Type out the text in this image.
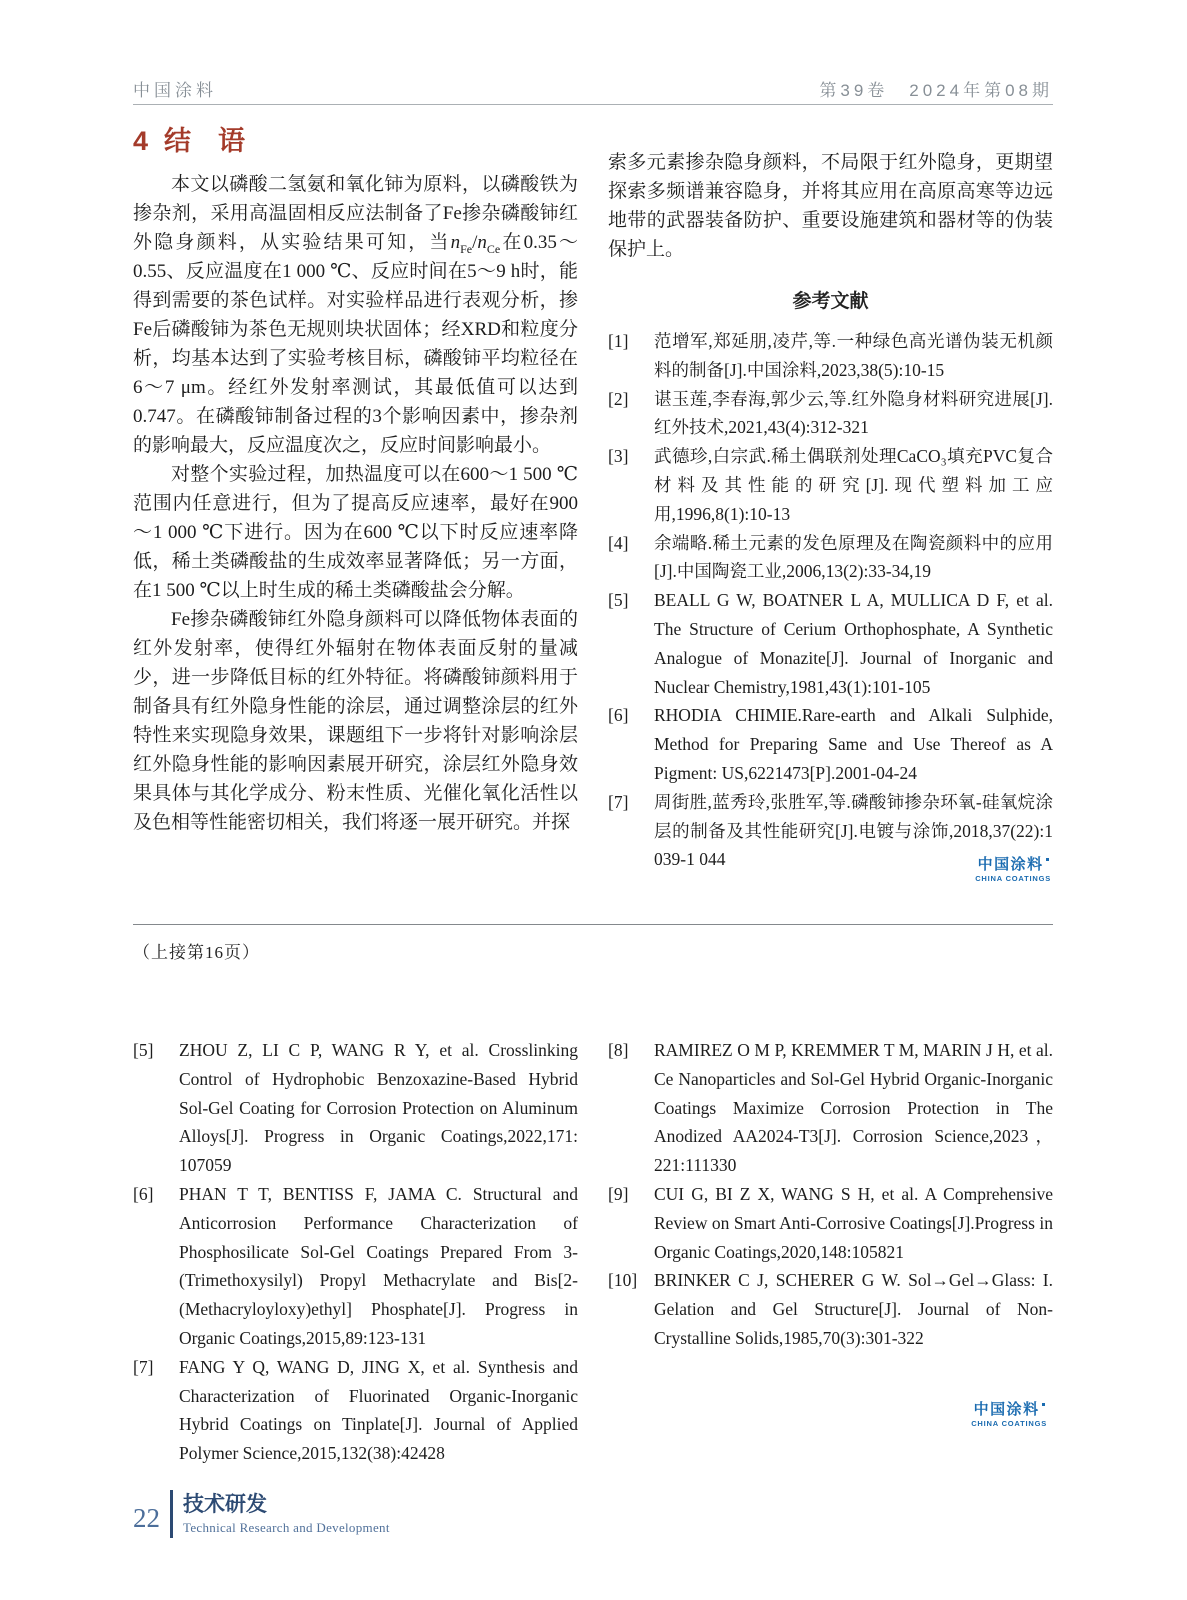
中国涂料	第39卷　2024年第08期
4 结　语

本文以磷酸二氢氨和氧化铈为原料，以磷酸铁为掺杂剂，采用高温固相反应法制备了Fe掺杂磷酸铈红外隐身颜料，从实验结果可知，当$n_{Fe}/n_{Ce}$在0.35～0.55、反应温度在1 000 ℃、反应时间在5～9 h时，能得到需要的茶色试样。对实验样品进行表观分析，掺Fe后磷酸铈为茶色无规则块状固体；经XRD和粒度分析，均基本达到了实验考核目标，磷酸铈平均粒径在6～7 μm。经红外发射率测试，其最低值可以达到0.747。在磷酸铈制备过程的3个影响因素中，掺杂剂的影响最大，反应温度次之，反应时间影响最小。

对整个实验过程，加热温度可以在600～1 500 ℃范围内任意进行，但为了提高反应速率，最好在900～1 000 ℃下进行。因为在600 ℃以下时反应速率降低，稀土类磷酸盐的生成效率显著降低；另一方面，在1 500 ℃以上时生成的稀土类磷酸盐会分解。

Fe掺杂磷酸铈红外隐身颜料可以降低物体表面的红外发射率，使得红外辐射在物体表面反射的量减少，进一步降低目标的红外特征。将磷酸铈颜料用于制备具有红外隐身性能的涂层，通过调整涂层的红外特性来实现隐身效果，课题组下一步将针对影响涂层红外隐身性能的影响因素展开研究，涂层红外隐身效果具体与其化学成分、粉末性质、光催化氧化活性以及色相等性能密切相关，我们将逐一展开研究。并探

索多元素掺杂隐身颜料，不局限于红外隐身，更期望探索多频谱兼容隐身，并将其应用在高原高寒等边远地带的武器装备防护、重要设施建筑和器材等的伪装保护上。

参考文献

[1] 范增军,郑延朋,凌芹,等.一种绿色高光谱伪装无机颜料的制备[J].中国涂料,2023,38(5):10-15

[2] 谌玉莲,李春海,郭少云,等.红外隐身材料研究进展[J].红外技术,2021,43(4):312-321

[3] 武德珍,白宗武.稀土偶联剂处理CaCO₃填充PVC复合材料及其性能的研究[J].现代塑料加工应用,1996,8(1):10-13

[4] 余端略.稀土元素的发色原理及在陶瓷颜料中的应用[J].中国陶瓷工业,2006,13(2):33-34,19

[5] BEALL G W, BOATNER L A, MULLICA D F, et al. The Structure of Cerium Orthophosphate, A Synthetic Analogue of Monazite[J]. Journal of Inorganic and Nuclear Chemistry,1981,43(1):101-105

[6] RHODIA CHIMIE.Rare-earth and Alkali Sulphide, Method for Preparing Same and Use Thereof as A Pigment: US,6221473[P].2001-04-24

[7] 周街胜,蓝秀玲,张胜军,等.磷酸铈掺杂环氧-硅氧烷涂层的制备及其性能研究[J].电镀与涂饰,2018,37(22):1 039-1 044	中国涂料
CHINA COATINGS
（上接第16页）

[5] ZHOU Z, LI C P, WANG R Y, et al. Crosslinking Control of Hydrophobic Benzoxazine-Based Hybrid Sol-Gel Coating for Corrosion Protection on Aluminum Alloys[J]. Progress in Organic Coatings,2022,171: 107059

[6] PHAN T T, BENTISS F, JAMA C. Structural and Anticorrosion Performance Characterization of Phosphosilicate Sol-Gel Coatings Prepared From 3-(Trimethoxysilyl) Propyl Methacrylate and Bis[2-(Methacryloyloxy)ethyl] Phosphate[J]. Progress in Organic Coatings,2015,89:123-131

[7] FANG Y Q, WANG D, JING X, et al. Synthesis and Characterization of Fluorinated Organic-Inorganic Hybrid Coatings on Tinplate[J]. Journal of Applied Polymer Science,2015,132(38):42428

[8] RAMIREZ O M P, KREMMER T M, MARIN J H, et al. Ce Nanoparticles and Sol-Gel Hybrid Organic-Inorganic Coatings Maximize Corrosion Protection in The Anodized AA2024-T3[J]. Corrosion Science,2023，221:111330

[9] CUI G, BI Z X, WANG S H, et al. A Comprehensive Review on Smart Anti-Corrosive Coatings[J].Progress in Organic Coatings,2020,148:105821

[10] BRINKER C J, SCHERER G W. Sol→Gel→Glass: I. Gelation and Gel Structure[J]. Journal of Non-Crystalline Solids,1985,70(3):301-322

中国涂料
CHINA COATINGS
22 技术研发
Technical Research and Development
